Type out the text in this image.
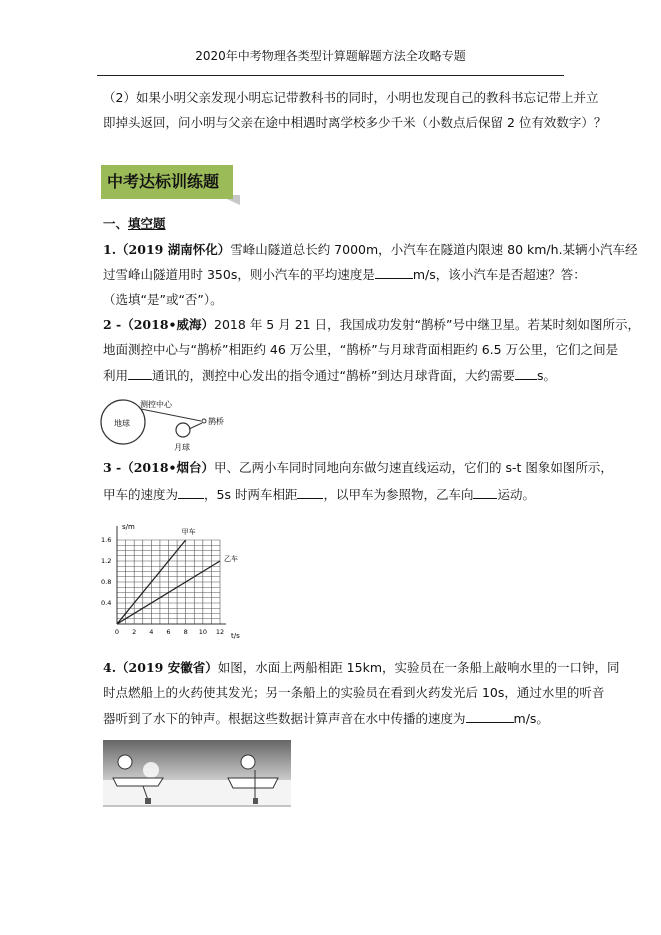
2020年中考物理各类型计算题解题方法全攻略专题
（2）如果小明父亲发现小明忘记带教科书的同时，小明也发现自己的教科书忘记带上并立
即掉头返回，问小明与父亲在途中相遇时离学校多少千米（小数点后保留 2 位有效数字）？
中考达标训练题
一、填空题
1.（2019 湖南怀化）雪峰山隧道总长约 7000m，小汽车在隧道内限速 80 km/h.某辆小汽车经
过雪峰山隧道用时 350s，则小汽车的平均速度是	m/s，该小汽车是否超速？答：
（选填“是”或“否”）。
2 -（2018•威海）2018 年 5 月 21 日，我国成功发射“鹊桥”号中继卫星。若某时刻如图所示，
地面测控中心与“鹊桥”相距约 46 万公里，“鹊桥”与月球背面相距约 6.5 万公里，它们之间是
利用 通讯的，测控中心发出的指令通过“鹊桥”到达月球背面，大约需要 s。
地球
测控中心
鹊桥
月球
3 -（2018•烟台）甲、乙两小车同时同地向东做匀速直线运动，它们的 s-t 图象如图所示，
甲车的速度为 ，5s 时两车相距 ，以甲车为参照物，乙车向 运动。
s/m
t/s
0 2 4 6 8 10 12
0.4
0.8
1.2
1.6
甲车
乙车
4.（2019 安徽省）如图，水面上两船相距 15km，实验员在一条船上敲响水里的一口钟，同
时点燃船上的火药使其发光；另一条船上的实验员在看到火药发光后 10s，通过水里的听音
器听到了水下的钟声。根据这些数据计算声音在水中传播的速度为	m/s。
